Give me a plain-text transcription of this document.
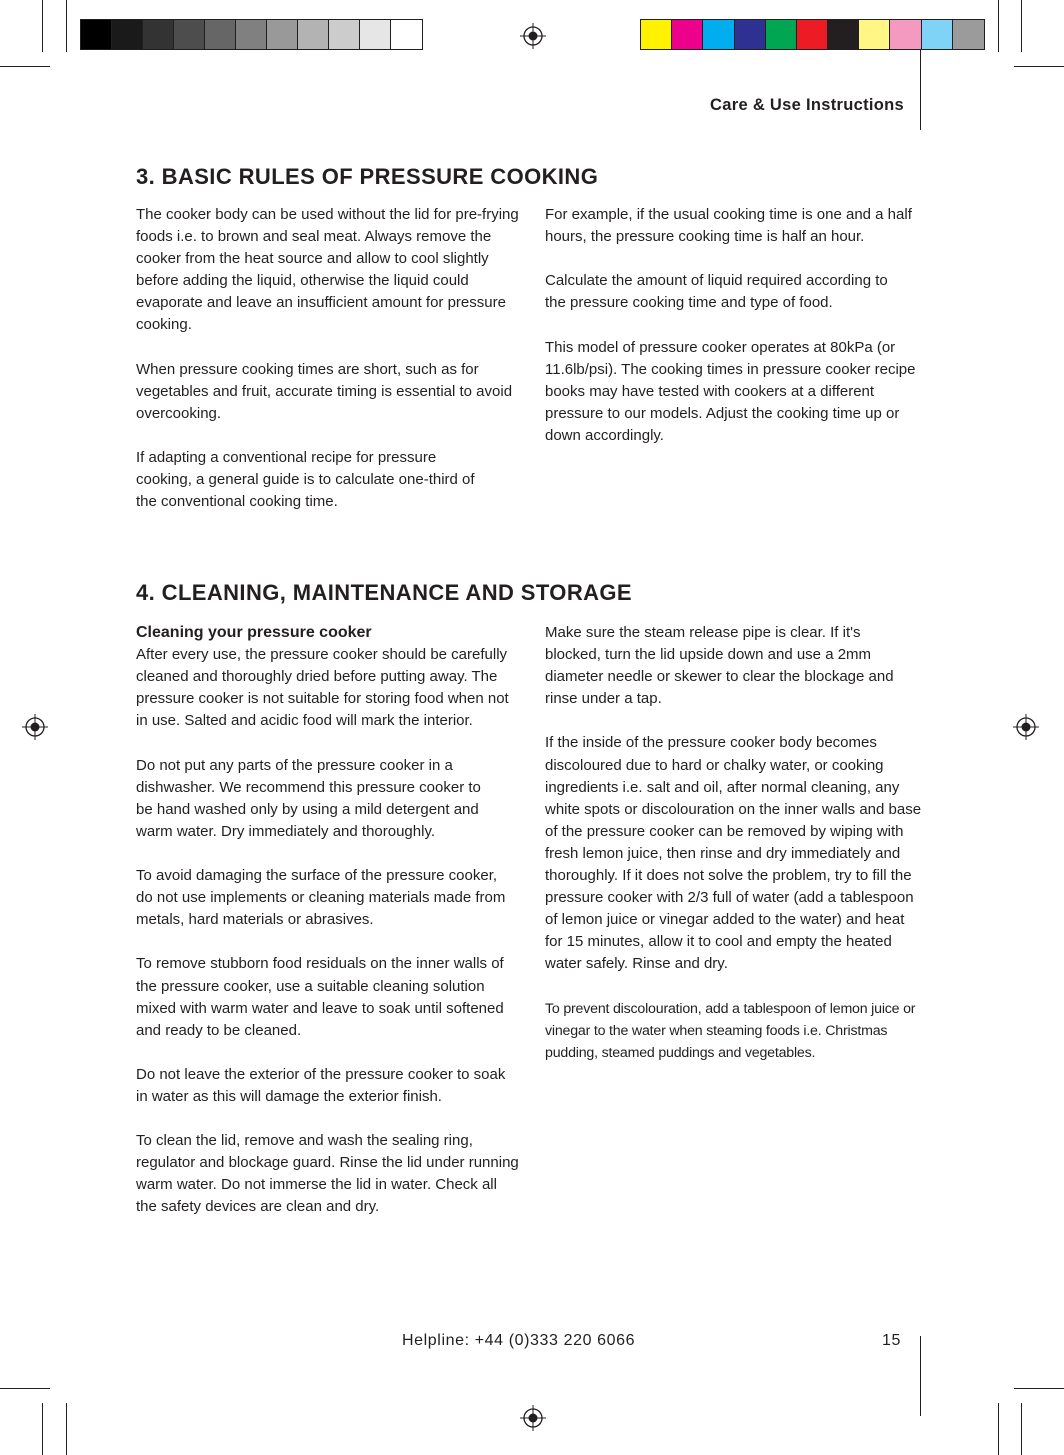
Care & Use Instructions
3. BASIC RULES OF PRESSURE COOKING

The cooker body can be used without the lid for pre-frying foods i.e. to brown and seal meat. Always remove the cooker from the heat source and allow to cool slightly before adding the liquid, otherwise the liquid could evaporate and leave an insufficient amount for pressure cooking.

When pressure cooking times are short, such as for vegetables and fruit, accurate timing is essential to avoid overcooking.

If adapting a conventional recipe for pressure cooking, a general guide is to calculate one-third of the conventional cooking time.

For example, if the usual cooking time is one and a half hours, the pressure cooking time is half an hour.

Calculate the amount of liquid required according to the pressure cooking time and type of food.

This model of pressure cooker operates at 80kPa (or 11.6lb/psi). The cooking times in pressure cooker recipe books may have tested with cookers at a different pressure to our models. Adjust the cooking time up or down accordingly.

4. CLEANING, MAINTENANCE AND STORAGE
Cleaning your pressure cooker

After every use, the pressure cooker should be carefully cleaned and thoroughly dried before putting away. The pressure cooker is not suitable for storing food when not in use. Salted and acidic food will mark the interior.

Do not put any parts of the pressure cooker in a dishwasher. We recommend this pressure cooker to be hand washed only by using a mild detergent and warm water. Dry immediately and thoroughly.

To avoid damaging the surface of the pressure cooker, do not use implements or cleaning materials made from metals, hard materials or abrasives.

To remove stubborn food residuals on the inner walls of the pressure cooker, use a suitable cleaning solution mixed with warm water and leave to soak until softened and ready to be cleaned.

Do not leave the exterior of the pressure cooker to soak in water as this will damage the exterior finish.

To clean the lid, remove and wash the sealing ring, regulator and blockage guard. Rinse the lid under running warm water. Do not immerse the lid in water. Check all the safety devices are clean and dry.

Make sure the steam release pipe is clear. If it's blocked, turn the lid upside down and use a 2mm diameter needle or skewer to clear the blockage and rinse under a tap.

If the inside of the pressure cooker body becomes discoloured due to hard or chalky water, or cooking ingredients i.e. salt and oil, after normal cleaning, any white spots or discolouration on the inner walls and base of the pressure cooker can be removed by wiping with fresh lemon juice, then rinse and dry immediately and thoroughly. If it does not solve the problem, try to fill the pressure cooker with 2/3 full of water (add a tablespoon of lemon juice or vinegar added to the water) and heat for 15 minutes, allow it to cool and empty the heated water safely. Rinse and dry.

To prevent discolouration, add a tablespoon of lemon juice or vinegar to the water when steaming foods i.e. Christmas pudding, steamed puddings and vegetables.

Helpline: +44 (0)333 220 6066	15
